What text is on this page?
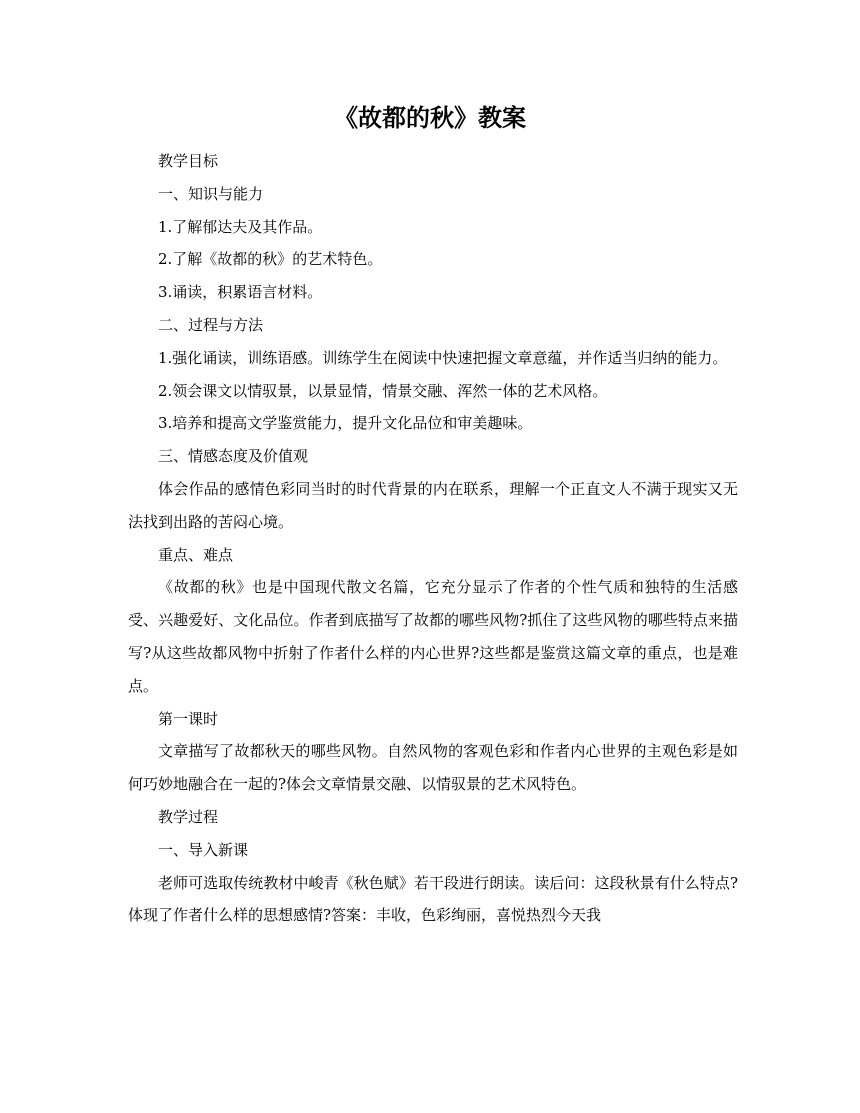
《故都的秋》教案

教学目标

一、知识与能力

1.了解郁达夫及其作品。

2.了解《故都的秋》的艺术特色。

3.诵读，积累语言材料。

二、过程与方法

1.强化诵读，训练语感。训练学生在阅读中快速把握文章意蕴，并作适当归纳的能力。

2.领会课文以情驭景，以景显情，情景交融、浑然一体的艺术风格。

3.培养和提高文学鉴赏能力，提升文化品位和审美趣味。

三、情感态度及价值观

体会作品的感情色彩同当时的时代背景的内在联系，理解一个正直文人不满于现实又无法找到出路的苦闷心境。

重点、难点

《故都的秋》也是中国现代散文名篇，它充分显示了作者的个性气质和独特的生活感受、兴趣爱好、文化品位。作者到底描写了故都的哪些风物?抓住了这些风物的哪些特点来描写?从这些故都风物中折射了作者什么样的内心世界?这些都是鉴赏这篇文章的重点，也是难点。

第一课时

文章描写了故都秋天的哪些风物。自然风物的客观色彩和作者内心世界的主观色彩是如何巧妙地融合在一起的?体会文章情景交融、以情驭景的艺术风特色。

教学过程

一、导入新课

老师可选取传统教材中峻青《秋色赋》若干段进行朗读。读后问：这段秋景有什么特点?体现了作者什么样的思想感情?答案：丰收，色彩绚丽，喜悦热烈今天我
